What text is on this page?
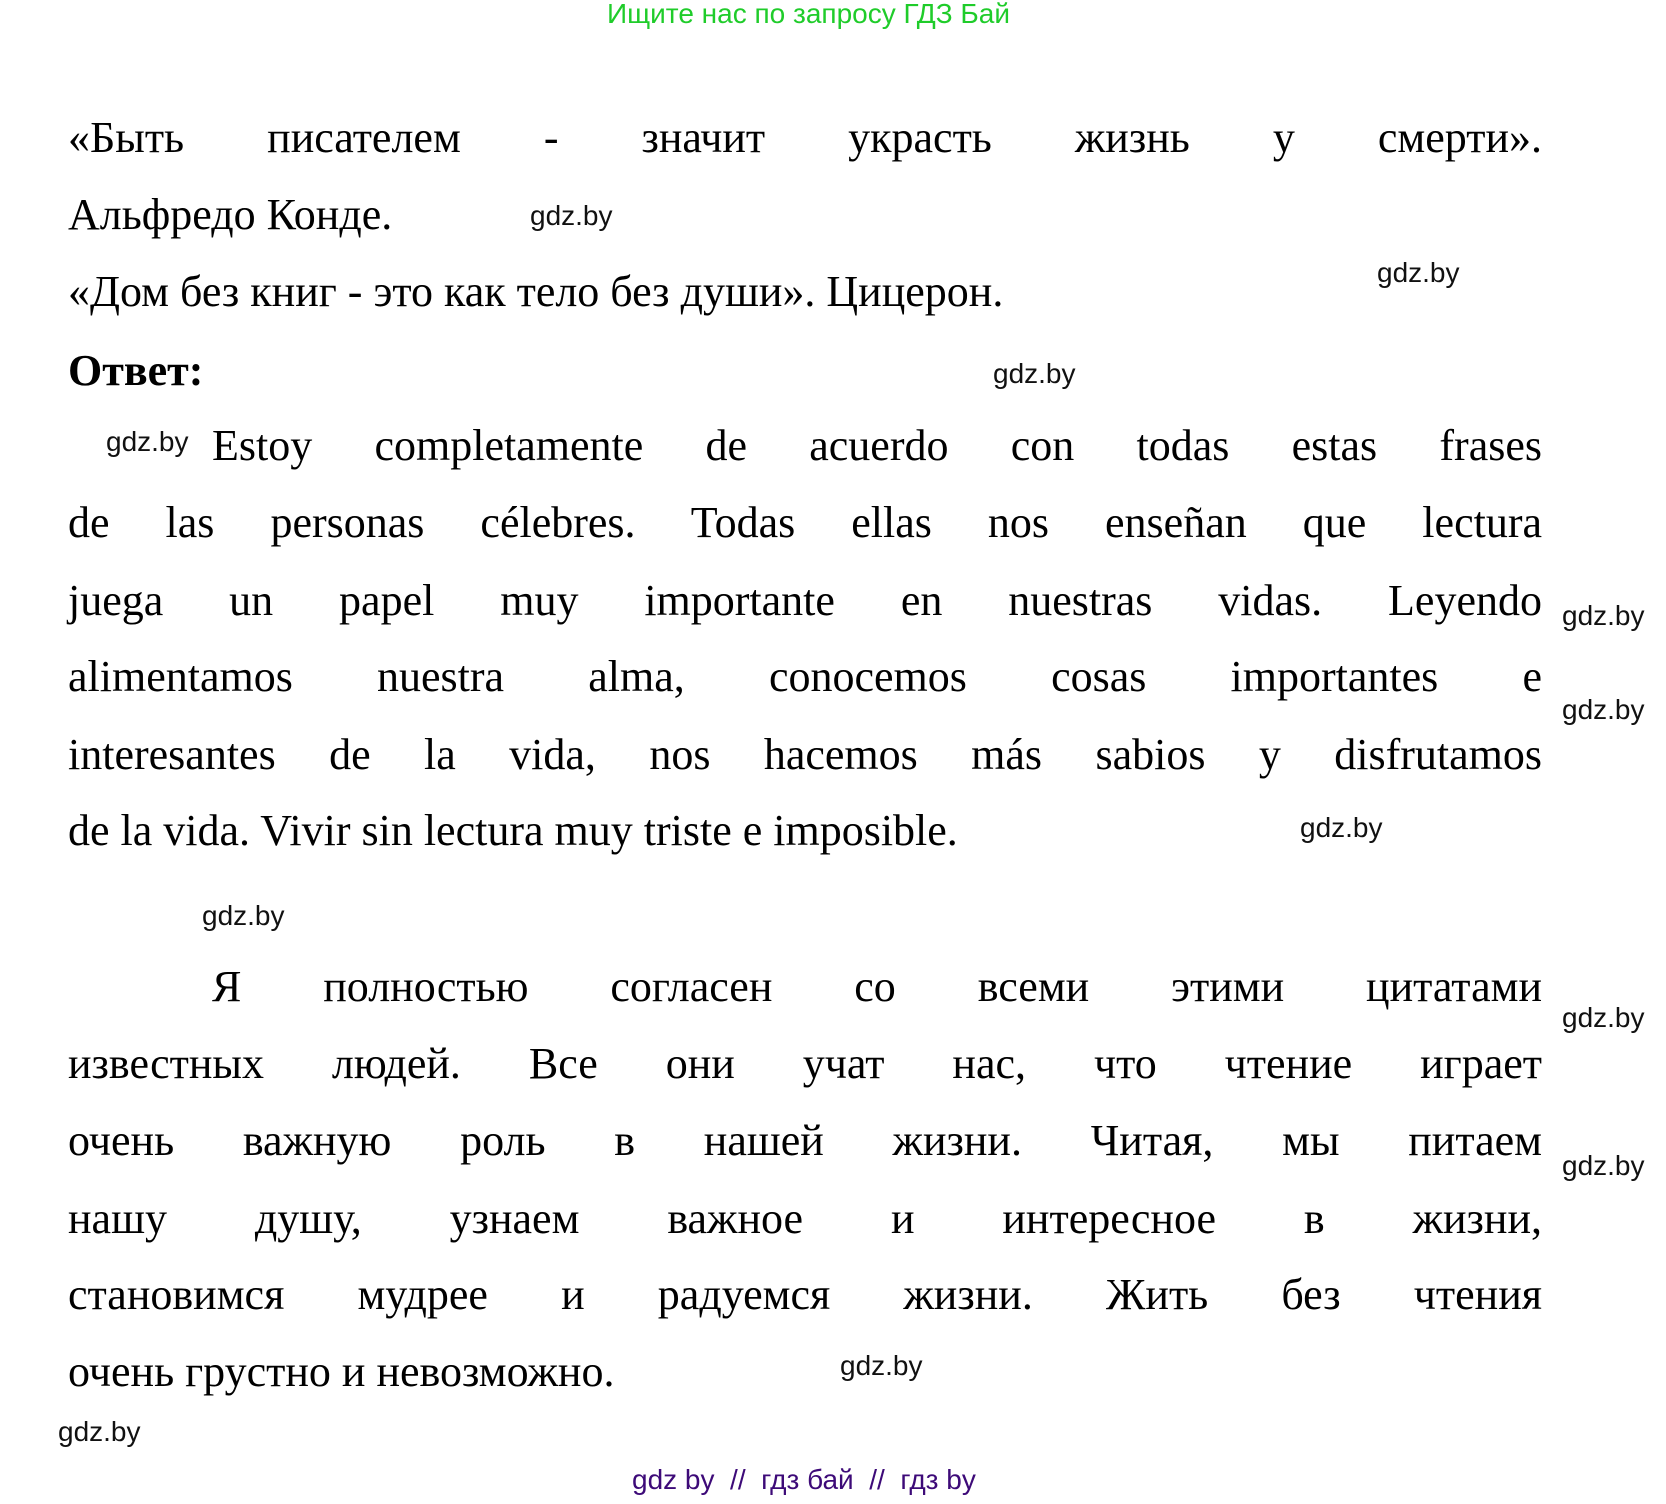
Ищите нас по запросу ГДЗ Бай
«Быть писателем - значит украсть жизнь у смерти».
Альфредо Конде.
«Дом без книг - это как тело без души». Цицерон.
Ответ:
Estoy completamente de acuerdo con todas estas frases
de las personas célebres. Todas ellas nos enseñan que lectura
juega un papel muy importante en nuestras vidas. Leyendo
alimentamos nuestra alma, conocemos cosas importantes e
interesantes de la vida, nos hacemos más sabios y disfrutamos
de la vida. Vivir sin lectura muy triste e imposible.
Я полностью согласен со всеми этими цитатами
известных людей. Все они учат нас, что чтение играет
очень важную роль в нашей жизни. Читая, мы питаем
нашу душу, узнаем важное и интересное в жизни,
становимся мудрее и радуемся жизни. Жить без чтения
очень грустно и невозможно.
gdz.by
gdz.by
gdz.by
gdz.by
gdz.by
gdz.by
gdz.by
gdz.by
gdz.by
gdz.by
gdz.by
gdz.by
gdz by  //  гдз бай  //  гдз by
